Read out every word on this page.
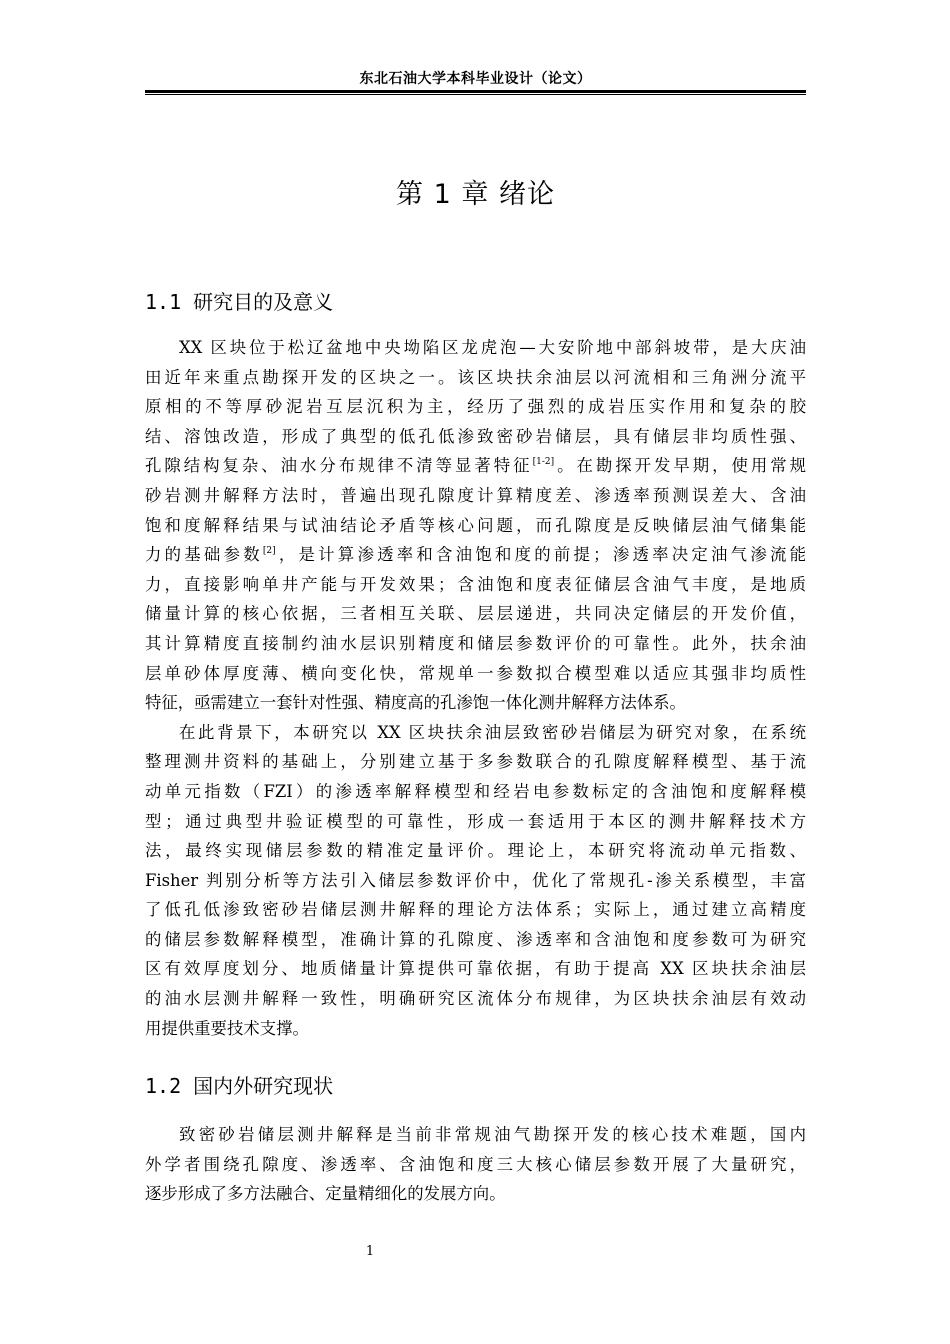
东北石油大学本科毕业设计（论文）
第 1 章 绪论
1.1 研究目的及意义
XX 区块位于松辽盆地中央坳陷区龙虎泡—大安阶地中部斜坡带，是大庆油
田近年来重点勘探开发的区块之一。该区块扶余油层以河流相和三角洲分流平
原相的不等厚砂泥岩互层沉积为主，经历了强烈的成岩压实作用和复杂的胶
结、溶蚀改造，形成了典型的低孔低渗致密砂岩储层，具有储层非均质性强、
孔隙结构复杂、油水分布规律不清等显著特征[1-2]。在勘探开发早期，使用常规
砂岩测井解释方法时，普遍出现孔隙度计算精度差、渗透率预测误差大、含油
饱和度解释结果与试油结论矛盾等核心问题，而孔隙度是反映储层油气储集能
力的基础参数[2]，是计算渗透率和含油饱和度的前提；渗透率决定油气渗流能
力，直接影响单井产能与开发效果；含油饱和度表征储层含油气丰度，是地质
储量计算的核心依据，三者相互关联、层层递进，共同决定储层的开发价值，
其计算精度直接制约油水层识别精度和储层参数评价的可靠性。此外，扶余油
层单砂体厚度薄、横向变化快，常规单一参数拟合模型难以适应其强非均质性
特征，亟需建立一套针对性强、精度高的孔渗饱一体化测井解释方法体系。
在此背景下，本研究以 XX 区块扶余油层致密砂岩储层为研究对象，在系统
整理测井资料的基础上，分别建立基于多参数联合的孔隙度解释模型、基于流
动单元指数（FZI）的渗透率解释模型和经岩电参数标定的含油饱和度解释模
型；通过典型井验证模型的可靠性，形成一套适用于本区的测井解释技术方
法，最终实现储层参数的精准定量评价。理论上，本研究将流动单元指数、
Fisher 判别分析等方法引入储层参数评价中，优化了常规孔-渗关系模型，丰富
了低孔低渗致密砂岩储层测井解释的理论方法体系；实际上，通过建立高精度
的储层参数解释模型，准确计算的孔隙度、渗透率和含油饱和度参数可为研究
区有效厚度划分、地质储量计算提供可靠依据，有助于提高 XX 区块扶余油层
的油水层测井解释一致性，明确研究区流体分布规律，为区块扶余油层有效动
用提供重要技术支撑。
1.2 国内外研究现状
致密砂岩储层测井解释是当前非常规油气勘探开发的核心技术难题，国内
外学者围绕孔隙度、渗透率、含油饱和度三大核心储层参数开展了大量研究，
逐步形成了多方法融合、定量精细化的发展方向。
1
